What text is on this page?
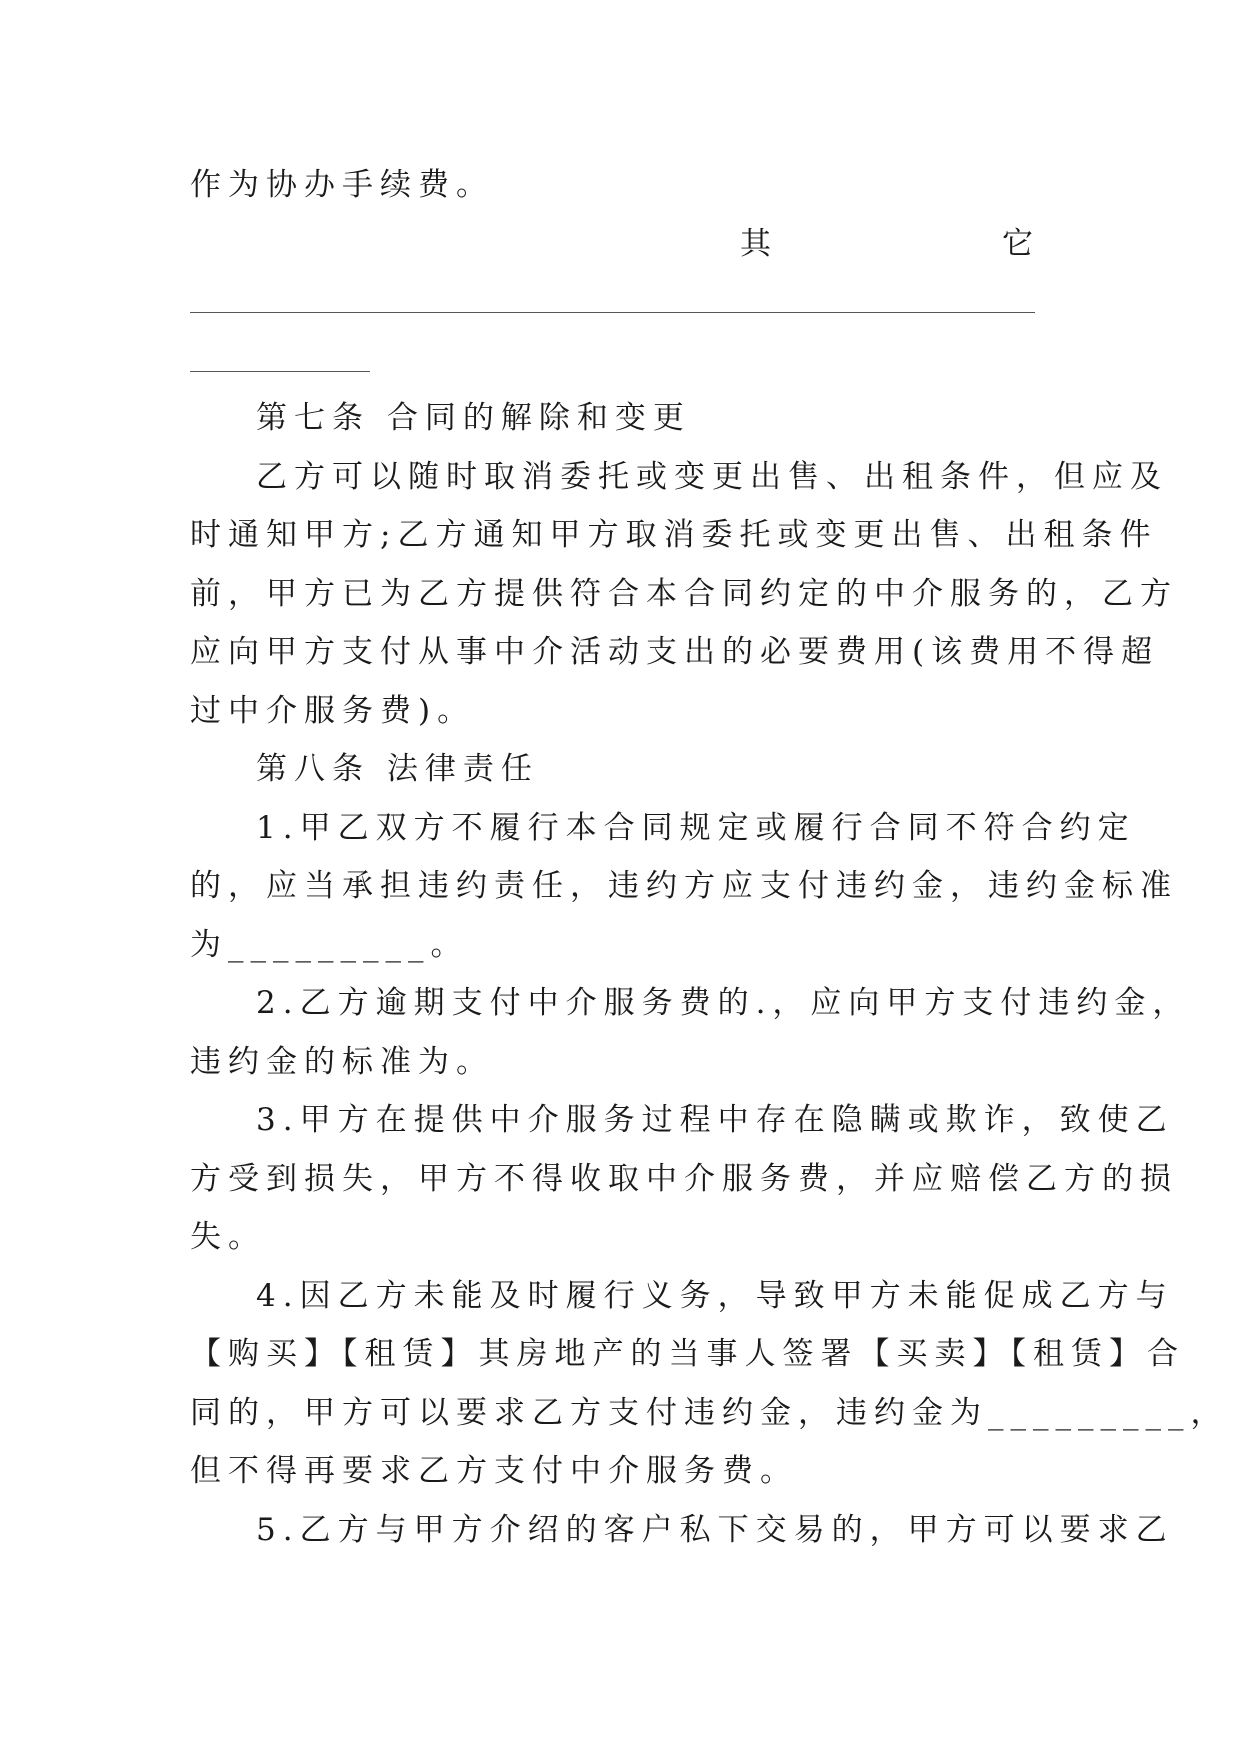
作为协办手续费。
其	它
第七条 合同的解除和变更
乙方可以随时取消委托或变更出售、出租条件，但应及
时通知甲方;乙方通知甲方取消委托或变更出售、出租条件
前，甲方已为乙方提供符合本合同约定的中介服务的，乙方
应向甲方支付从事中介活动支出的必要费用(该费用不得超
过中介服务费)。
第八条 法律责任
1.甲乙双方不履行本合同规定或履行合同不符合约定
的，应当承担违约责任，违约方应支付违约金，违约金标准
为_________。
2.乙方逾期支付中介服务费的.，应向甲方支付违约金，
违约金的标准为。
3.甲方在提供中介服务过程中存在隐瞒或欺诈，致使乙
方受到损失，甲方不得收取中介服务费，并应赔偿乙方的损
失。
4.因乙方未能及时履行义务，导致甲方未能促成乙方与
【购买】【租赁】其房地产的当事人签署【买卖】【租赁】合
同的，甲方可以要求乙方支付违约金，违约金为_________，
但不得再要求乙方支付中介服务费。
5.乙方与甲方介绍的客户私下交易的，甲方可以要求乙
